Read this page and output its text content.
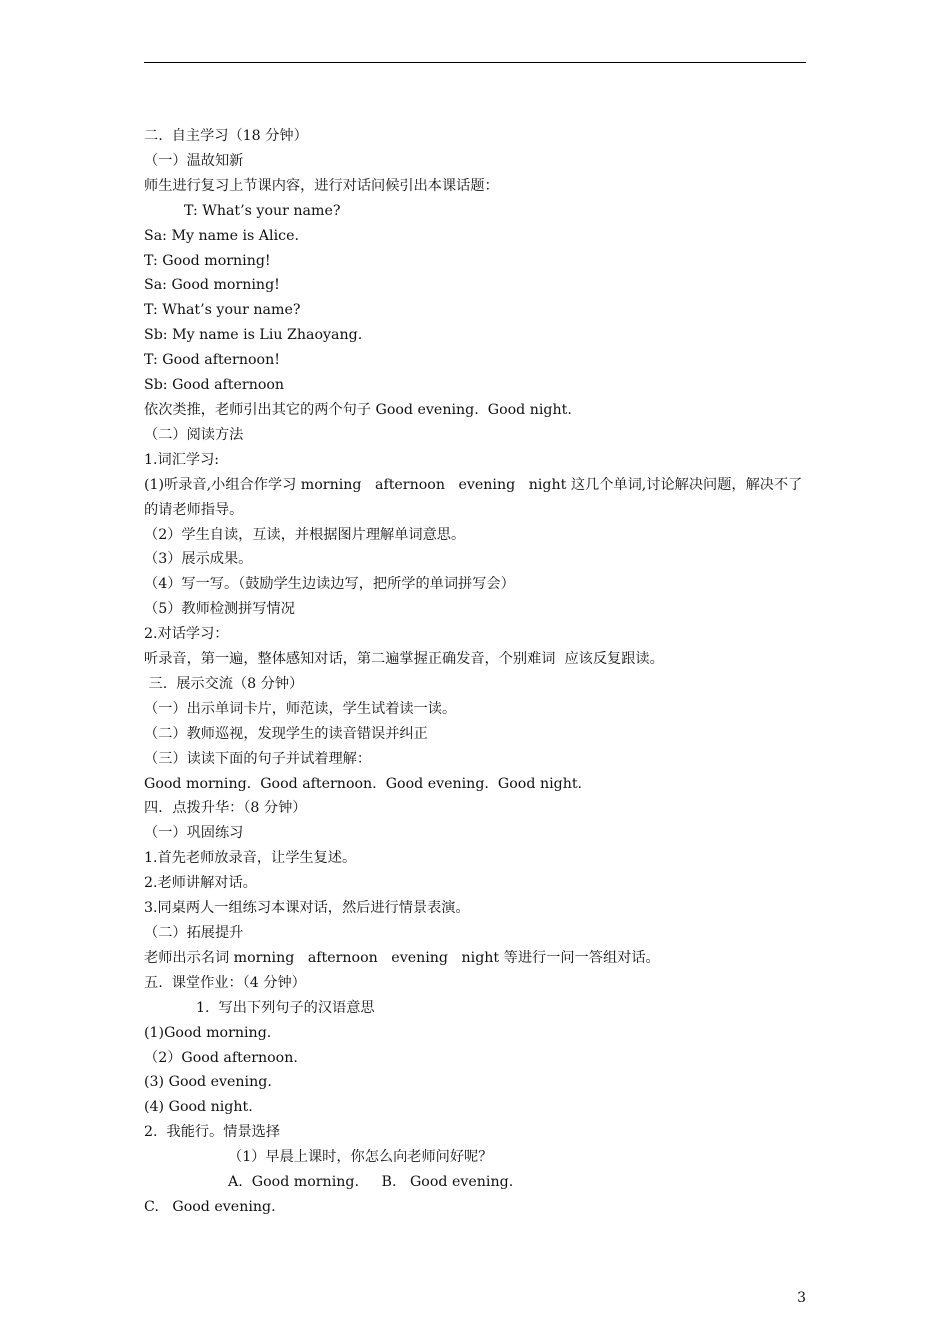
二.  自主学习（18 分钟）
（一）温故知新
师生进行复习上节课内容，进行对话问候引出本课话题：
T: What’s your name?
Sa: My name is Alice.
T: Good morning!
Sa: Good morning!
T: What’s your name?
Sb: My name is Liu Zhaoyang.
T: Good afternoon!
Sb: Good afternoon
依次类推，老师引出其它的两个句子 Good evening.  Good night.
（二）阅读方法
1.词汇学习:
(1)听录音,小组合作学习 morning   afternoon   evening   night 这几个单词,讨论解决问题，解决不了的请老师指导。
（2）学生自读，互读，并根据图片理解单词意思。
（3）展示成果。
（4）写一写。（鼓励学生边读边写，把所学的单词拼写会）
（5）教师检测拼写情况
2.对话学习：
听录音，第一遍，整体感知对话，第二遍掌握正确发音，个别难词  应该反复跟读。
三.  展示交流（8 分钟）
（一）出示单词卡片，师范读，学生试着读一读。
（二）教师巡视，发现学生的读音错误并纠正
（三）读读下面的句子并试着理解：
Good morning.  Good afternoon.  Good evening.  Good night.
四．点拨升华：（8 分钟）
（一）巩固练习
1.首先老师放录音，让学生复述。
2.老师讲解对话。
3.同桌两人一组练习本课对话，然后进行情景表演。
（二）拓展提升
老师出示名词 morning   afternoon   evening   night 等进行一问一答组对话。
五.  课堂作业：（4 分钟）
1.  写出下列句子的汉语意思
(1)Good morning.
（2）Good afternoon.
(3) Good evening.
(4) Good night.
2.  我能行。情景选择
（1）早晨上课时，你怎么向老师问好呢？
A.  Good morning.     B.   Good evening.
C.   Good evening.
3
